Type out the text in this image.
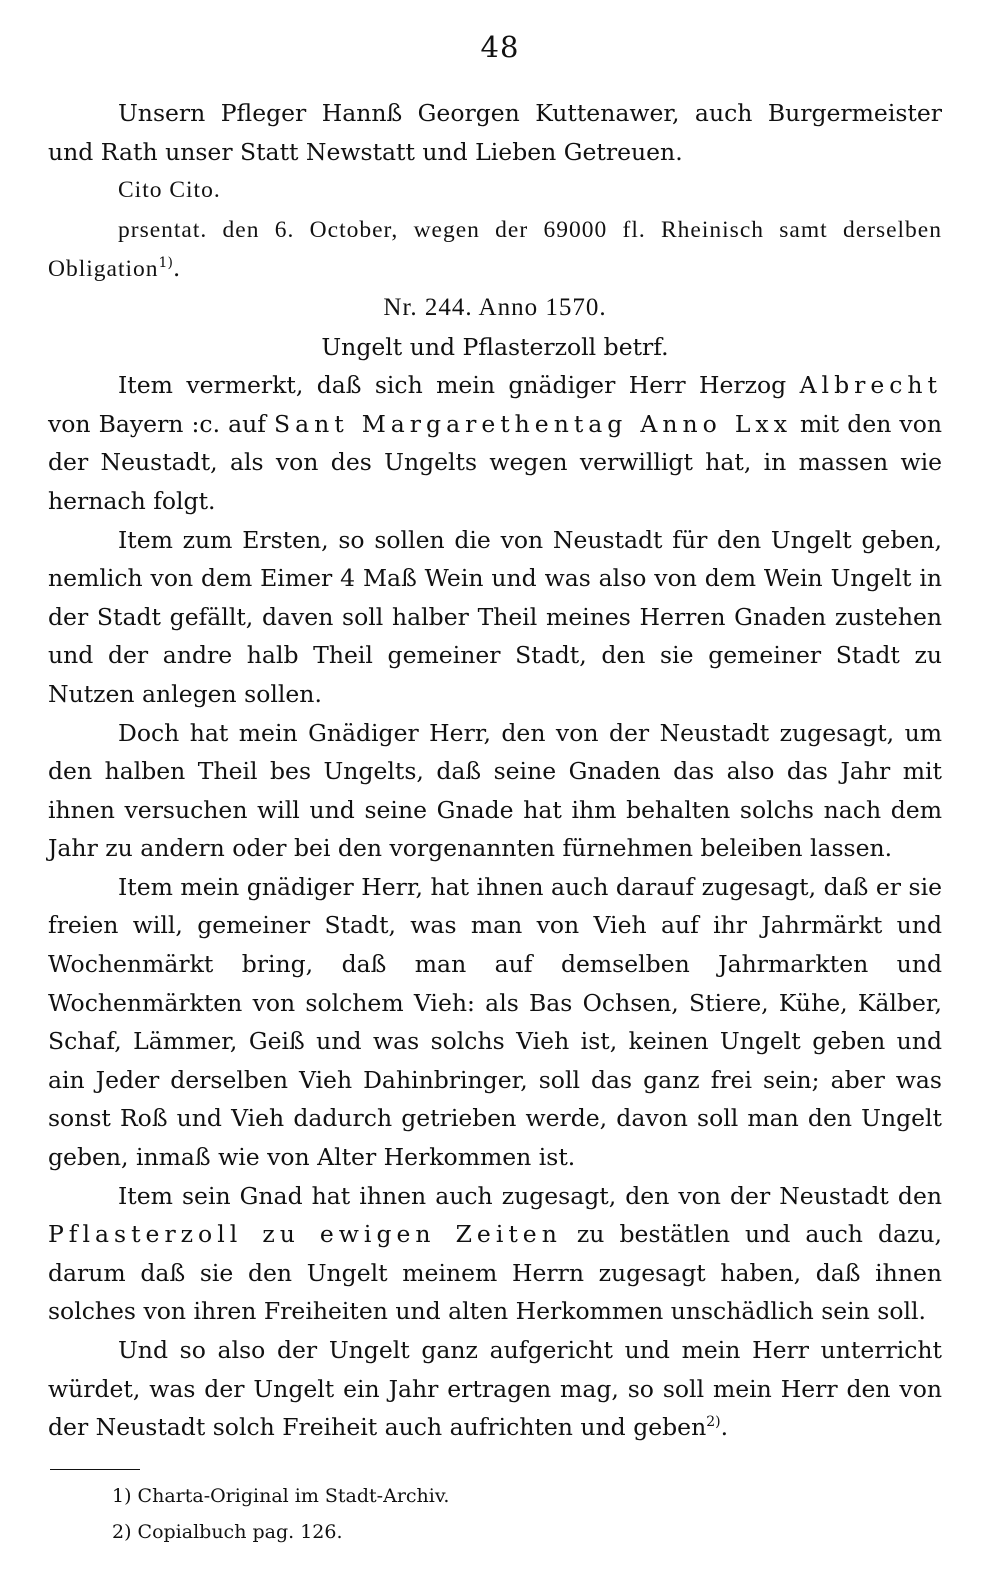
48

Unsern Pfleger Hannß Georgen Kuttenawer, auch Burgermeister und Rath unser Statt Newstatt und Lieben Getreuen.

Cito Cito.

prsentat. den 6. October, wegen der 69000 fl. Rheinisch samt derselben Obligation$^{1)}$.

Nr. 244. Anno 1570.

Ungelt und Pflasterzoll betrf.

Item vermerkt, daß sich mein gnädiger Herr Herzog Albrecht von Bayern :c. auf Sant Margarethentag Anno Lxx mit den von der Neustadt, als von des Ungelts wegen verwilligt hat, in massen wie hernach folgt.

Item zum Ersten, so sollen die von Neustadt für den Ungelt geben, nemlich von dem Eimer 4 Maß Wein und was also von dem Wein Ungelt in der Stadt gefällt, daven soll halber Theil meines Herren Gnaden zustehen und der andre halb Theil gemeiner Stadt, den sie gemeiner Stadt zu Nutzen anlegen sollen.

Doch hat mein Gnädiger Herr, den von der Neustadt zugesagt, um den halben Theil bes Ungelts, daß seine Gnaden das also das Jahr mit ihnen versuchen will und seine Gnade hat ihm behalten solchs nach dem Jahr zu andern oder bei den vorgenannten fürnehmen beleiben lassen.

Item mein gnädiger Herr, hat ihnen auch darauf zugesagt, daß er sie freien will, gemeiner Stadt, was man von Vieh auf ihr Jahrmärkt und Wochenmärkt bring, daß man auf demselben Jahrmarkten und Wochenmärkten von solchem Vieh: als Bas Ochsen, Stiere, Kühe, Kälber, Schaf, Lämmer, Geiß und was solchs Vieh ist, keinen Ungelt geben und ain Jeder derselben Vieh Dahinbringer, soll das ganz frei sein; aber was sonst Roß und Vieh dadurch getrieben werde, davon soll man den Ungelt geben, inmaß wie von Alter Herkommen ist.

Item sein Gnad hat ihnen auch zugesagt, den von der Neustadt den Pflasterzoll zu ewigen Zeiten zu bestätlen und auch dazu, darum daß sie den Ungelt meinem Herrn zugesagt haben, daß ihnen solches von ihren Freiheiten und alten Herkommen unschädlich sein soll.

Und so also der Ungelt ganz aufgericht und mein Herr unterricht würdet, was der Ungelt ein Jahr ertragen mag, so soll mein Herr den von der Neustadt solch Freiheit auch aufrichten und geben$^{2)}$.

1) Charta-Original im Stadt-Archiv.
2) Copialbuch pag. 126.
